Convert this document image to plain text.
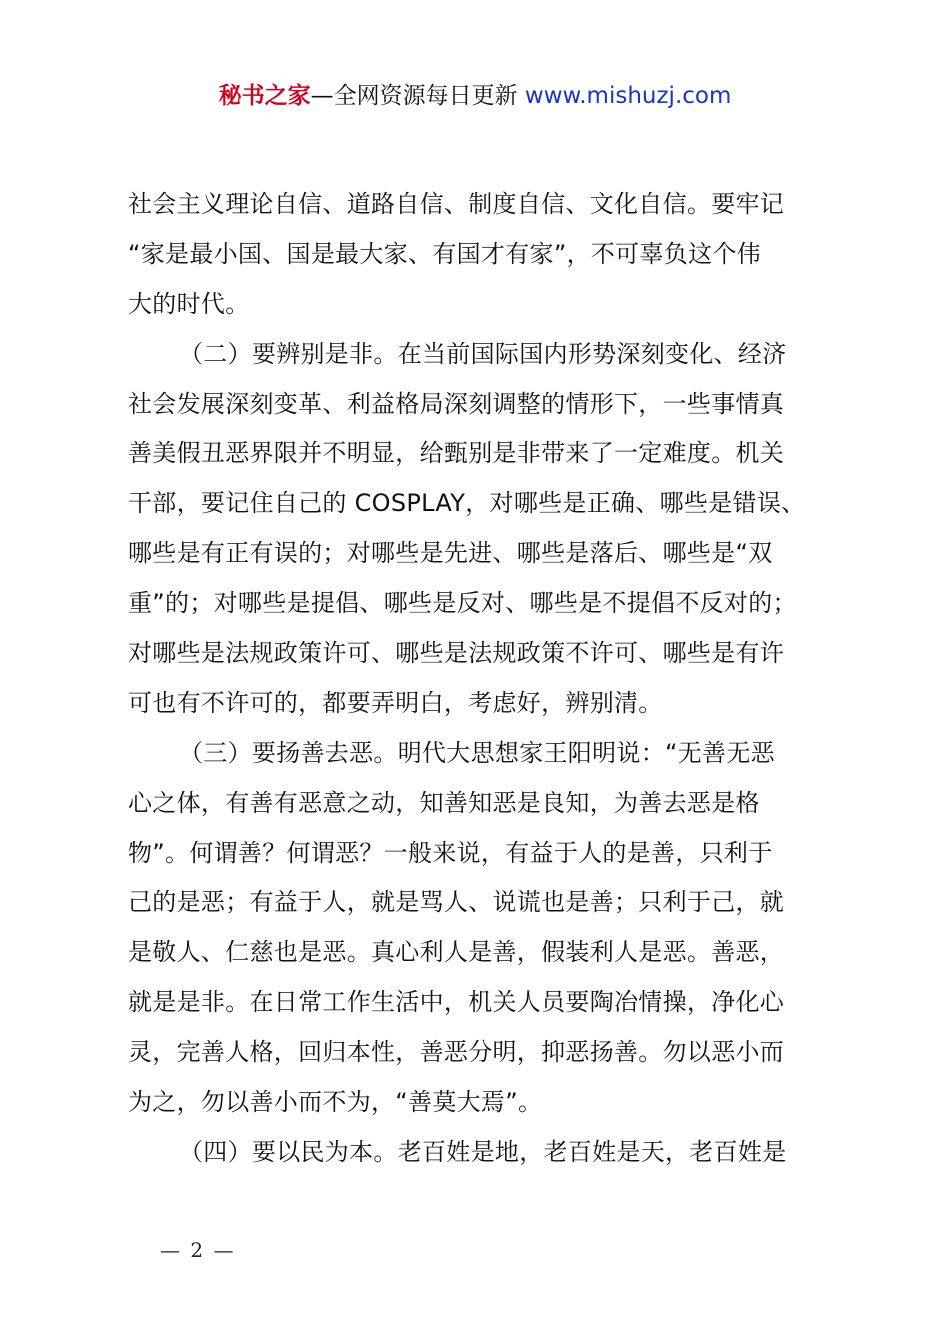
秘书之家—全网资源每日更新 www.mishuzj.com
社会主义理论自信、道路自信、制度自信、文化自信。要牢记
“家是最小国、国是最大家、有国才有家”，不可辜负这个伟
大的时代。
（二）要辨别是非。在当前国际国内形势深刻变化、经济
社会发展深刻变革、利益格局深刻调整的情形下，一些事情真
善美假丑恶界限并不明显，给甄别是非带来了一定难度。机关
干部，要记住自己的 COSPLAY，对哪些是正确、哪些是错误、
哪些是有正有误的；对哪些是先进、哪些是落后、哪些是“双
重”的；对哪些是提倡、哪些是反对、哪些是不提倡不反对的；
对哪些是法规政策许可、哪些是法规政策不许可、哪些是有许
可也有不许可的，都要弄明白，考虑好，辨别清。
（三）要扬善去恶。明代大思想家王阳明说：“无善无恶
心之体，有善有恶意之动，知善知恶是良知，为善去恶是格
物”。何谓善？何谓恶？一般来说，有益于人的是善，只利于
己的是恶；有益于人，就是骂人、说谎也是善；只利于己，就
是敬人、仁慈也是恶。真心利人是善，假装利人是恶。善恶，
就是是非。在日常工作生活中，机关人员要陶冶情操，净化心
灵，完善人格，回归本性，善恶分明，抑恶扬善。勿以恶小而
为之，勿以善小而不为，“善莫大焉”。
（四）要以民为本。老百姓是地，老百姓是天，老百姓是
— 2 —
